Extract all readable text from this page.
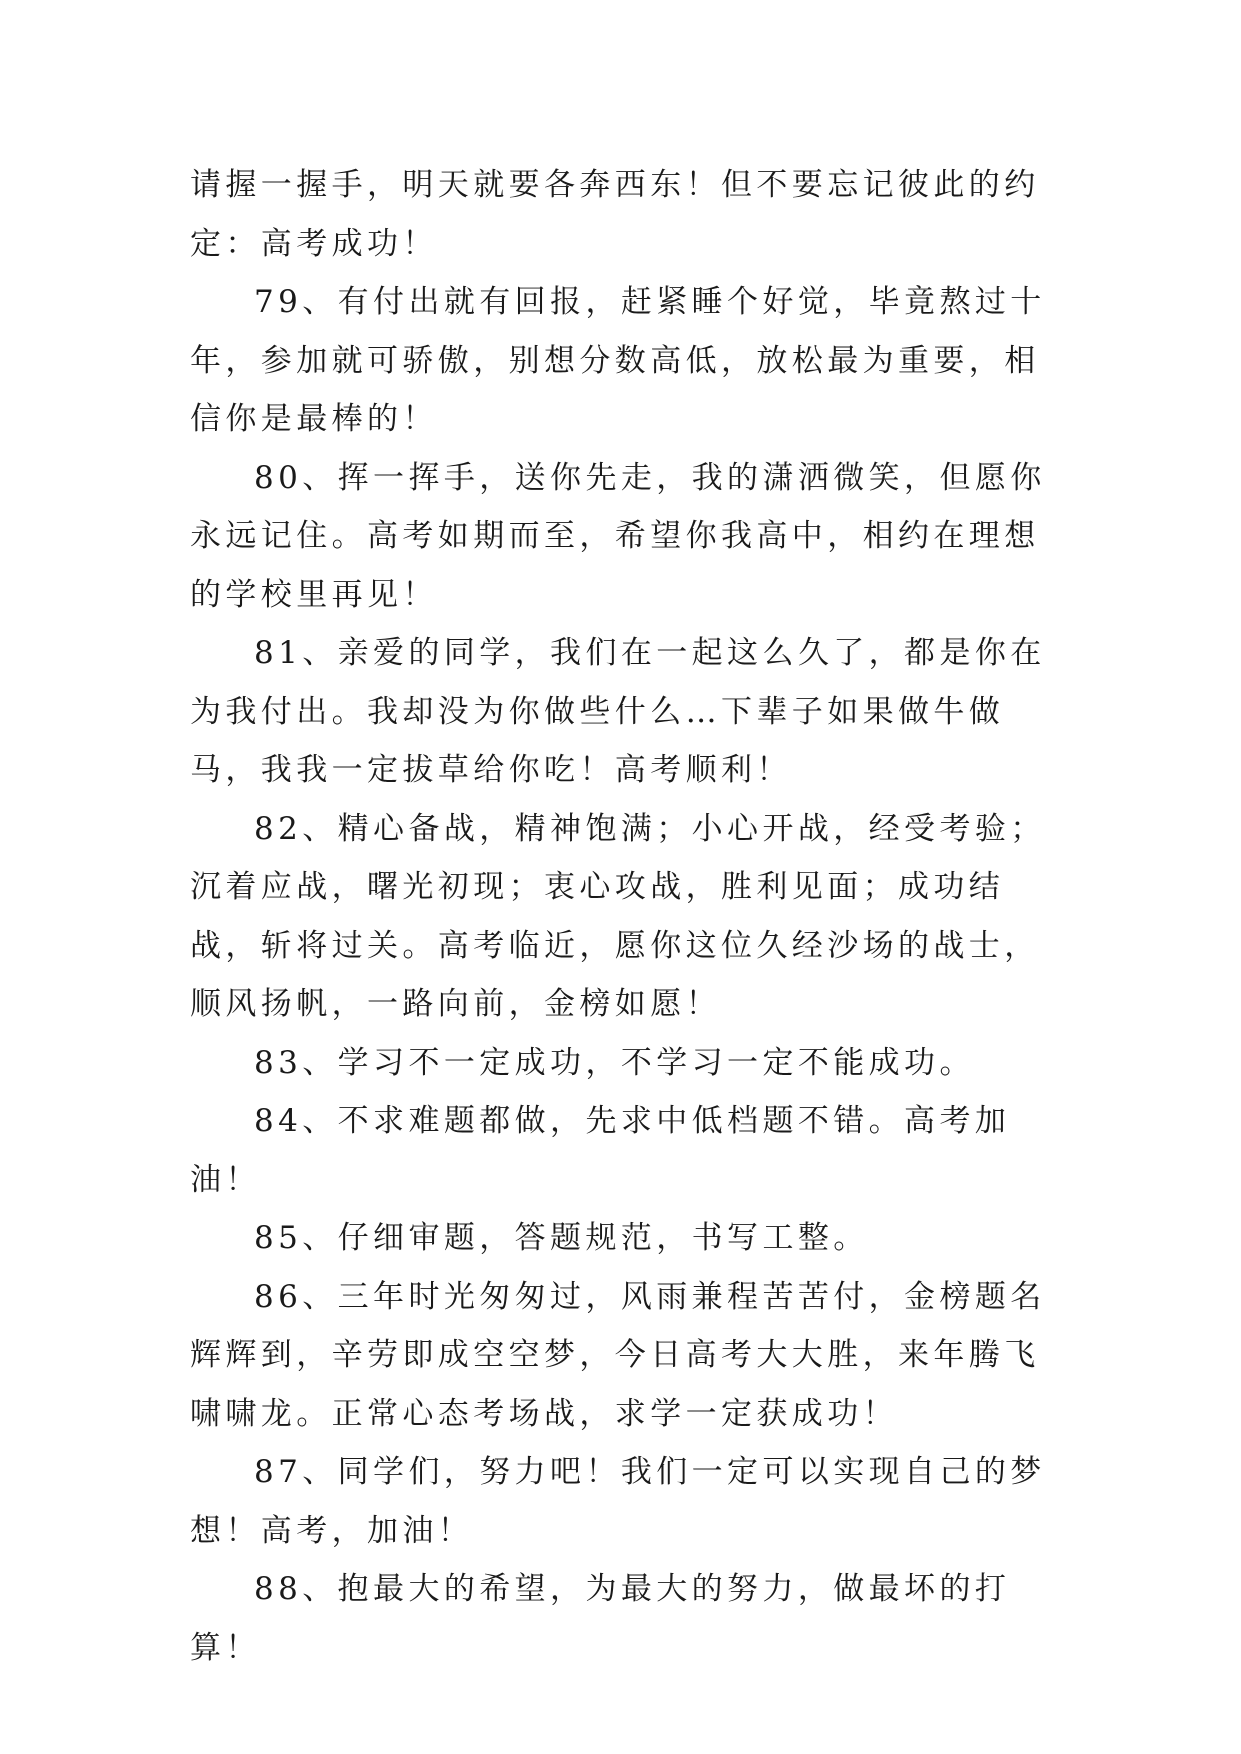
请握一握手，明天就要各奔西东！但不要忘记彼此的约定：高考成功！

79、有付出就有回报，赶紧睡个好觉，毕竟熬过十年，参加就可骄傲，别想分数高低，放松最为重要，相信你是最棒的！

80、挥一挥手，送你先走，我的潇洒微笑，但愿你永远记住。高考如期而至，希望你我高中，相约在理想的学校里再见！

81、亲爱的同学，我们在一起这么久了，都是你在为我付出。我却没为你做些什么…下辈子如果做牛做马，我我一定拔草给你吃！高考顺利！

82、精心备战，精神饱满；小心开战，经受考验；沉着应战，曙光初现；衷心攻战，胜利见面；成功结战，斩将过关。高考临近，愿你这位久经沙场的战士，顺风扬帆，一路向前，金榜如愿！

83、学习不一定成功，不学习一定不能成功。

84、不求难题都做，先求中低档题不错。高考加油！

85、仔细审题，答题规范，书写工整。

86、三年时光匆匆过，风雨兼程苦苦付，金榜题名辉辉到，辛劳即成空空梦，今日高考大大胜，来年腾飞啸啸龙。正常心态考场战，求学一定获成功！

87、同学们，努力吧！我们一定可以实现自己的梦想！高考，加油！

88、抱最大的希望，为最大的努力，做最坏的打算！
